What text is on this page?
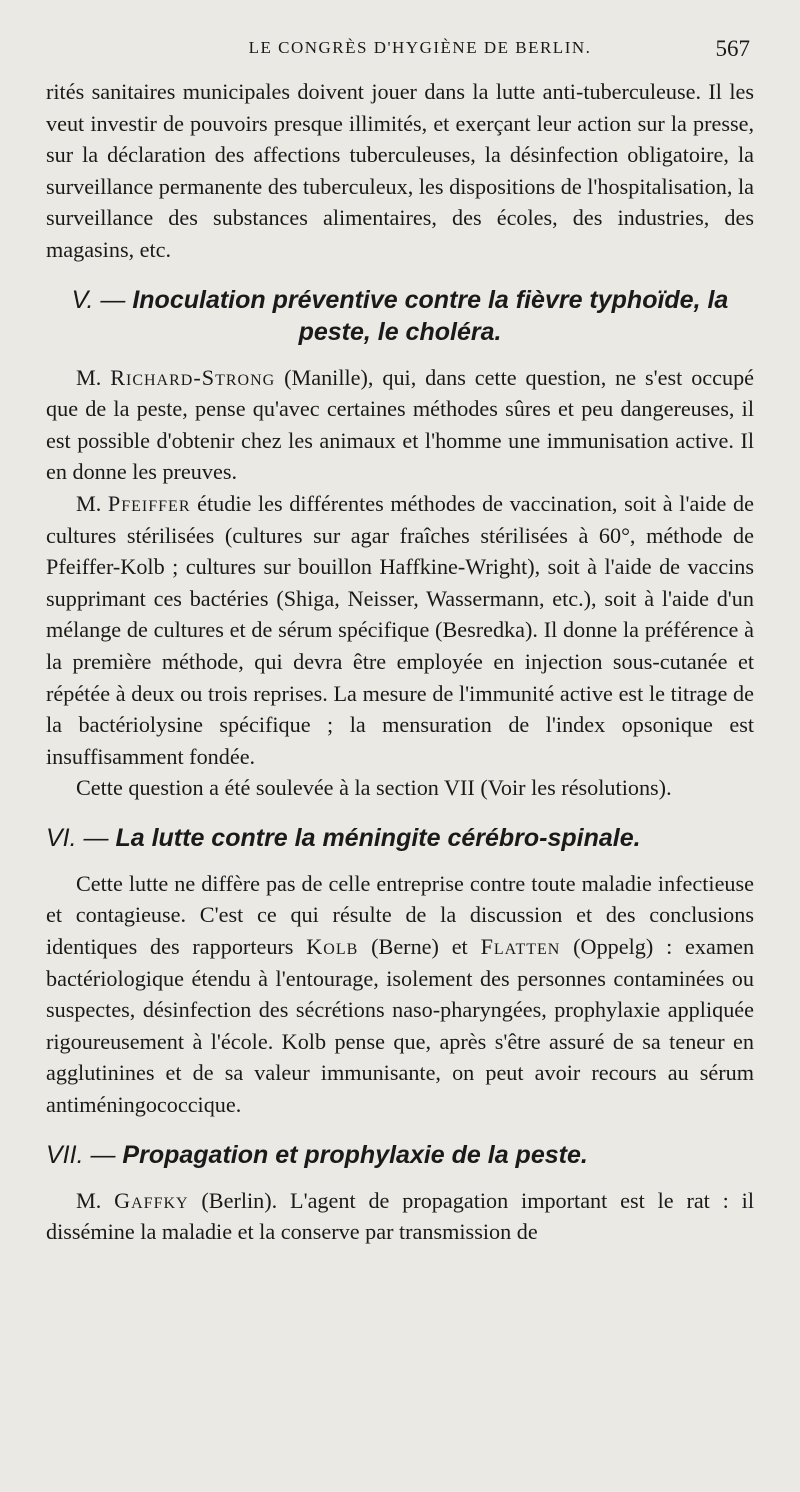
LE CONGRÈS D'HYGIÈNE DE BERLIN.	567

rités sanitaires municipales doivent jouer dans la lutte anti-tuberculeuse. Il les veut investir de pouvoirs presque illimités, et exerçant leur action sur la presse, sur la déclaration des affections tuberculeuses, la désinfection obligatoire, la surveillance permanente des tuberculeux, les dispositions de l'hospitalisation, la surveillance des substances alimentaires, des écoles, des industries, des magasins, etc.

V. — Inoculation préventive contre la fièvre typhoïde, la peste, le choléra.

M. Richard-Strong (Manille), qui, dans cette question, ne s'est occupé que de la peste, pense qu'avec certaines méthodes sûres et peu dangereuses, il est possible d'obtenir chez les animaux et l'homme une immunisation active. Il en donne les preuves.

M. Pfeiffer étudie les différentes méthodes de vaccination, soit à l'aide de cultures stérilisées (cultures sur agar fraîches stérilisées à 60°, méthode de Pfeiffer-Kolb ; cultures sur bouillon Haffkine-Wright), soit à l'aide de vaccins supprimant ces bactéries (Shiga, Neisser, Wassermann, etc.), soit à l'aide d'un mélange de cultures et de sérum spécifique (Besredka). Il donne la préférence à la première méthode, qui devra être employée en injection sous-cutanée et répétée à deux ou trois reprises. La mesure de l'immunité active est le titrage de la bactériolysine spécifique ; la mensuration de l'index opsonique est insuffisamment fondée.

Cette question a été soulevée à la section VII (Voir les résolutions).

VI. — La lutte contre la méningite cérébro-spinale.

Cette lutte ne diffère pas de celle entreprise contre toute maladie infectieuse et contagieuse. C'est ce qui résulte de la discussion et des conclusions identiques des rapporteurs Kolb (Berne) et Flatten (Oppelg) : examen bactériologique étendu à l'entourage, isolement des personnes contaminées ou suspectes, désinfection des sécrétions naso-pharyngées, prophylaxie appliquée rigoureusement à l'école. Kolb pense que, après s'être assuré de sa teneur en agglutinines et de sa valeur immunisante, on peut avoir recours au sérum antiméningococcique.

VII. — Propagation et prophylaxie de la peste.

M. Gaffky (Berlin). L'agent de propagation important est le rat : il dissémine la maladie et la conserve par transmission de
